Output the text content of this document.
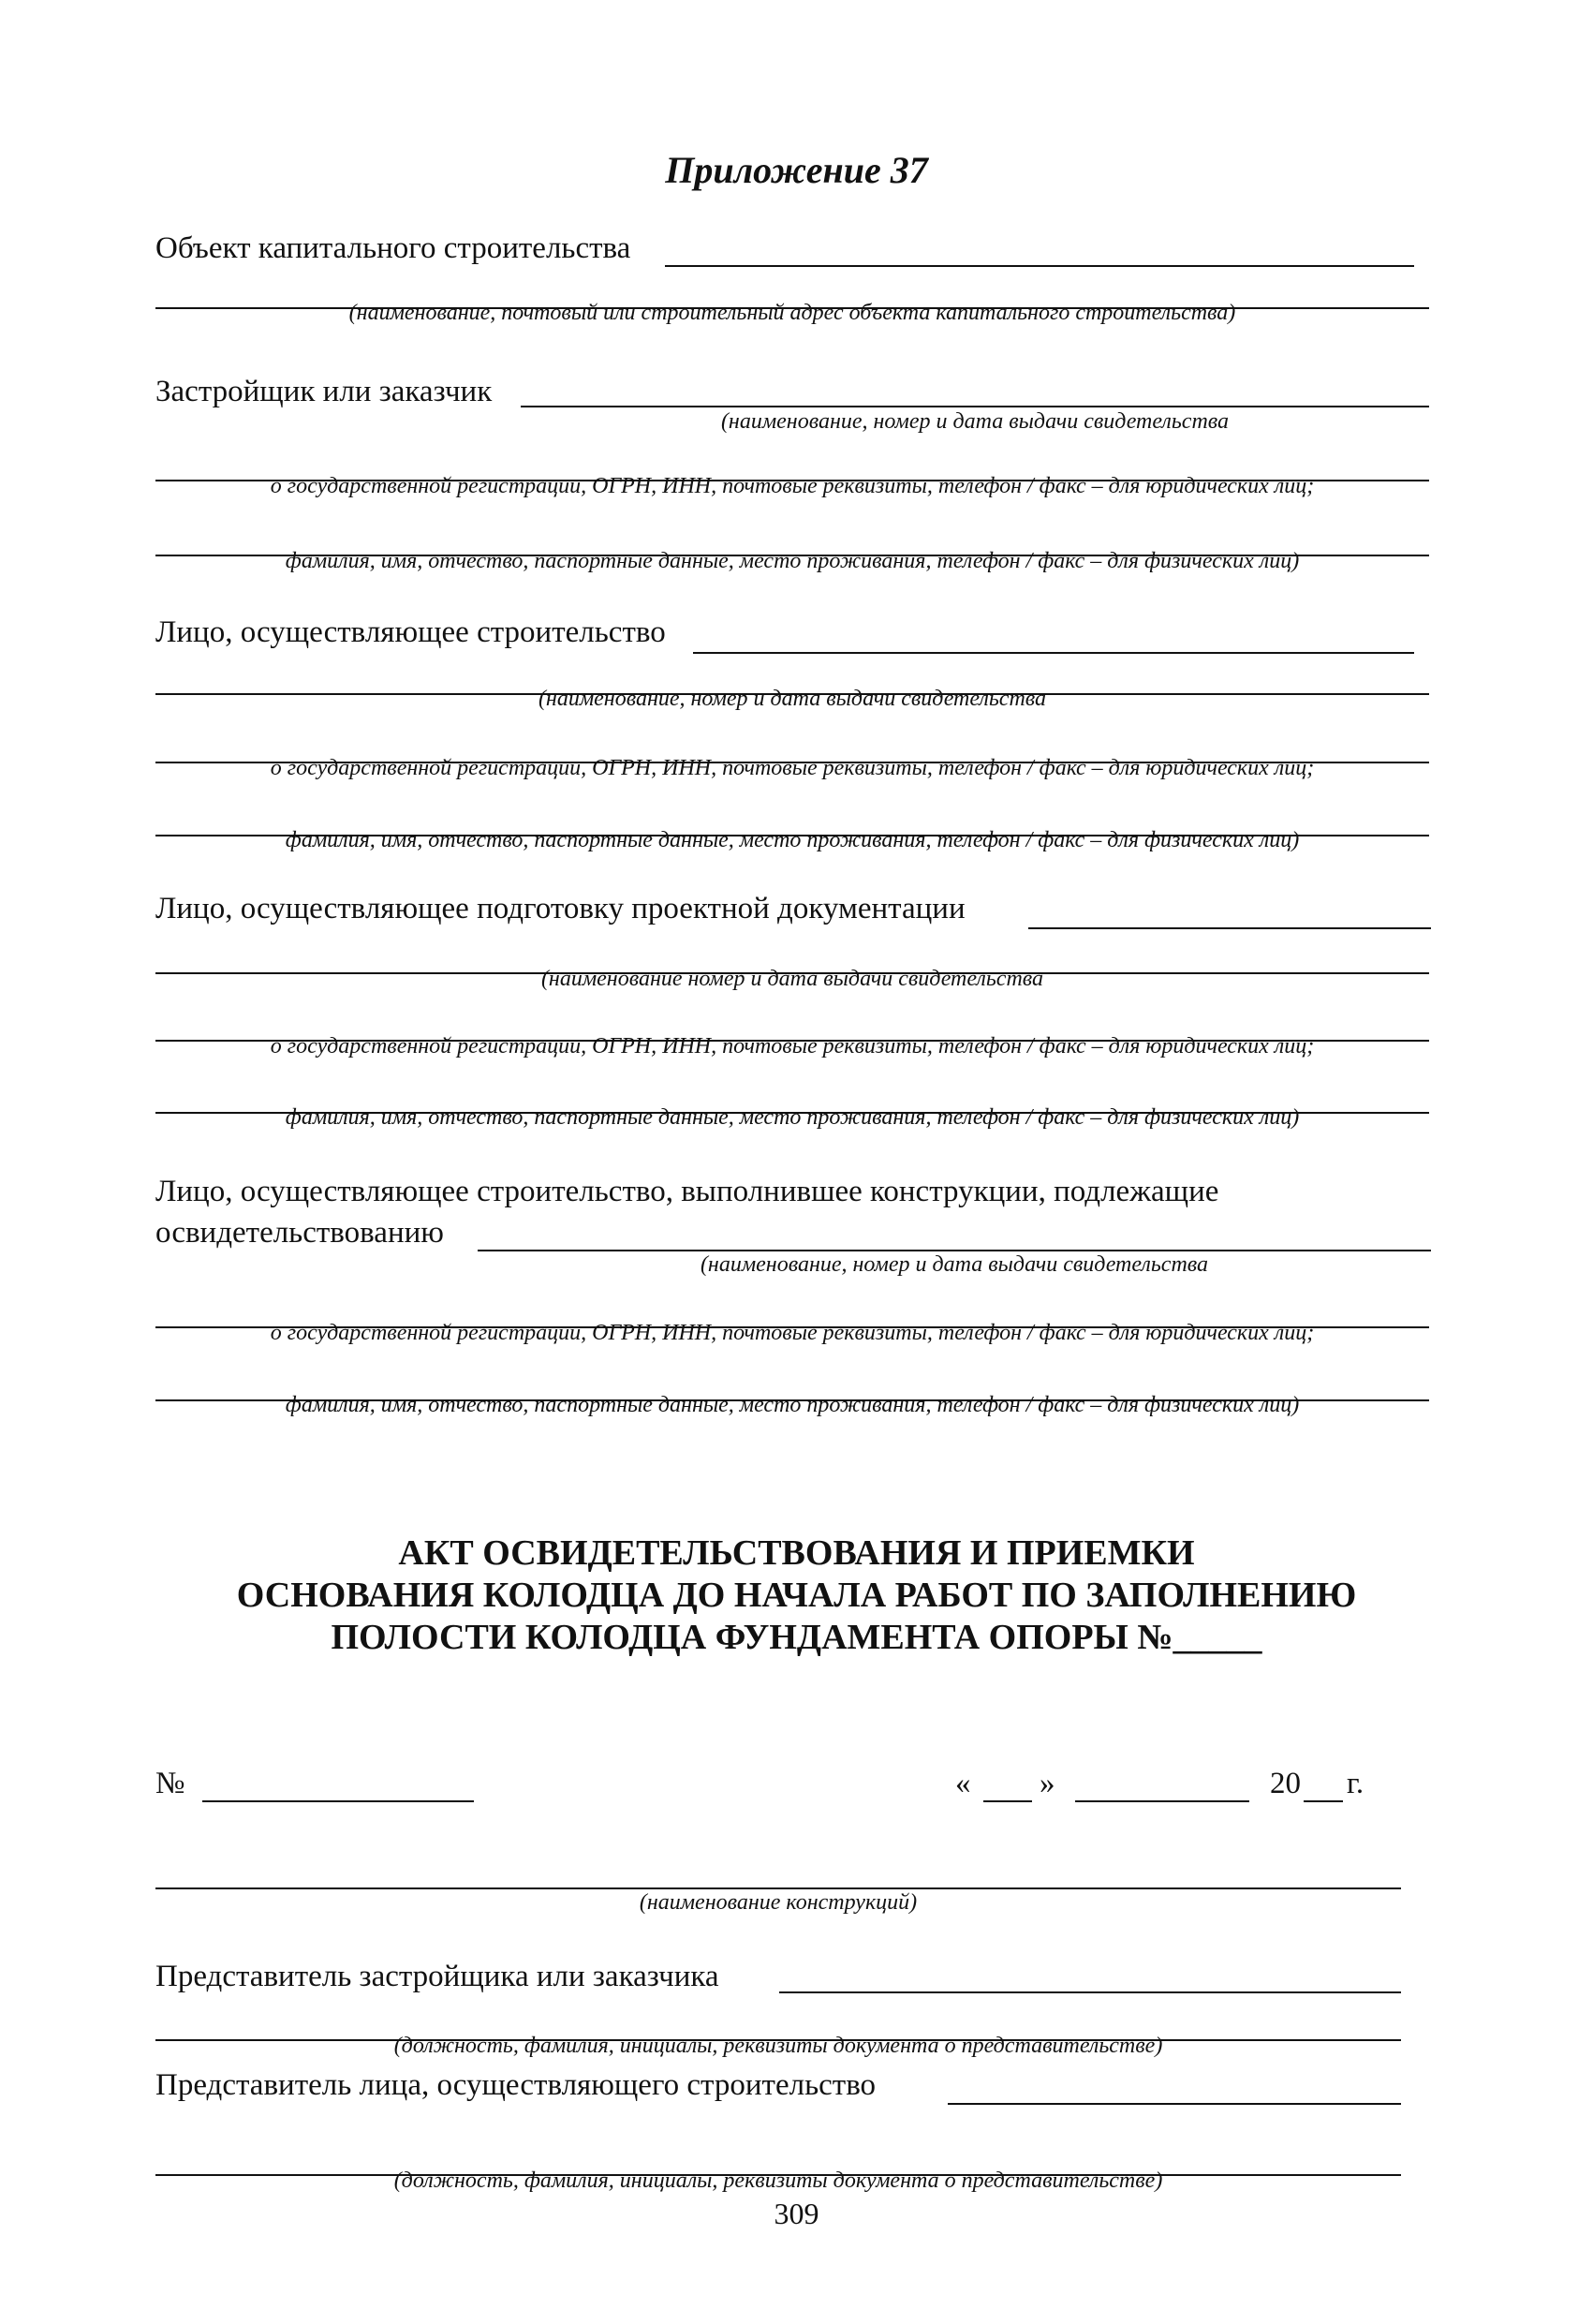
Приложение 37
Объект капитального строительства
(наименование, почтовый или строительный адрес объекта капитального строительства)
Застройщик или заказчик
(наименование, номер и дата выдачи свидетельства
о государственной регистрации, ОГРН, ИНН, почтовые реквизиты, телефон / факс – для юридических лиц;
фамилия, имя, отчество, паспортные данные, место проживания, телефон / факс – для физических лиц)
Лицо, осуществляющее строительство
(наименование, номер и дата выдачи свидетельства
о государственной регистрации, ОГРН, ИНН, почтовые реквизиты, телефон / факс – для юридических лиц;
фамилия, имя, отчество, паспортные данные, место проживания, телефон / факс – для физических лиц)
Лицо, осуществляющее подготовку проектной документации
(наименование номер и дата выдачи свидетельства
о государственной регистрации, ОГРН, ИНН, почтовые реквизиты, телефон / факс – для юридических лиц;
фамилия, имя, отчество, паспортные данные, место проживания, телефон / факс – для физических лиц)
Лицо, осуществляющее строительство, выполнившее конструкции, подлежащие
освидетельствованию
(наименование, номер и дата выдачи свидетельства
о государственной регистрации, ОГРН, ИНН, почтовые реквизиты, телефон / факс – для юридических лиц;
фамилия, имя, отчество, паспортные данные, место проживания, телефон / факс – для физических лиц)
АКТ ОСВИДЕТЕЛЬСТВОВАНИЯ И ПРИЕМКИ
ОСНОВАНИЯ КОЛОДЦА ДО НАЧАЛА РАБОТ ПО ЗАПОЛНЕНИЮ
ПОЛОСТИ КОЛОДЦА ФУНДАМЕНТА ОПОРЫ №_____
№	« »	20 г.
(наименование конструкций)
Представитель застройщика или заказчика
(должность, фамилия, инициалы, реквизиты документа о представительстве)
Представитель лица, осуществляющего строительство
(должность, фамилия, инициалы, реквизиты документа о представительстве)
309
